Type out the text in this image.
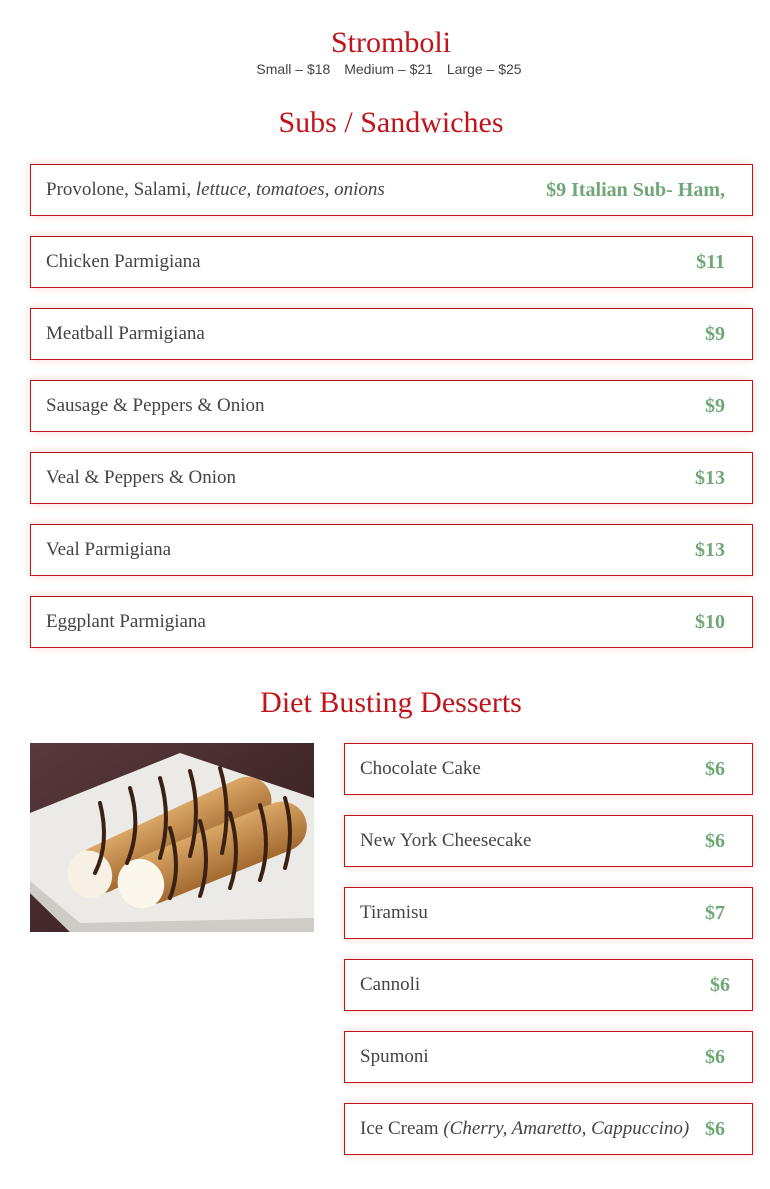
Stromboli
Small – $18 Medium – $21 Large – $25
Subs / Sandwiches
Provolone, Salami, lettuce, tomatoes, onions	$9 Italian Sub- Ham,
Chicken Parmigiana	$11
Meatball Parmigiana	$9
Sausage & Peppers & Onion	$9
Veal & Peppers & Onion	$13
Veal Parmigiana	$13
Eggplant Parmigiana	$10
Diet Busting Desserts
Chocolate Cake	$6
New York Cheesecake	$6
Tiramisu	$7
Cannoli	$6
Spumoni	$6
Ice Cream (Cherry, Amaretto, Cappuccino) $6
